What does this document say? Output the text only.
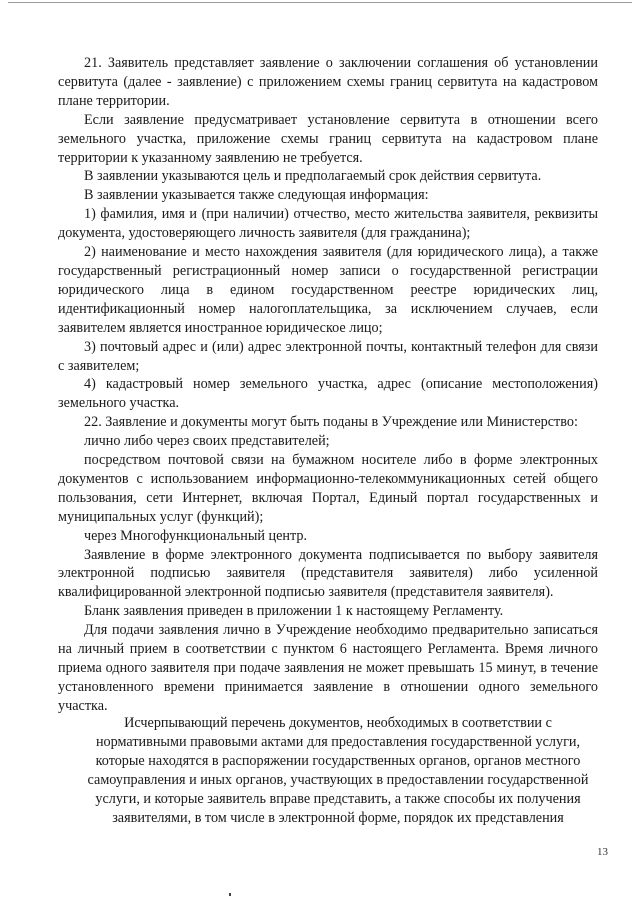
21. Заявитель представляет заявление о заключении соглашения об установлении сервитута (далее - заявление) с приложением схемы границ сервитута на кадастровом плане территории.

Если заявление предусматривает установление сервитута в отношении всего земельного участка, приложение схемы границ сервитута на кадастровом плане территории к указанному заявлению не требуется.

В заявлении указываются цель и предполагаемый срок действия сервитута.

В заявлении указывается также следующая информация:

1) фамилия, имя и (при наличии) отчество, место жительства заявителя, реквизиты документа, удостоверяющего личность заявителя (для гражданина);

2) наименование и место нахождения заявителя (для юридического лица), а также государственный регистрационный номер записи о государственной регистрации юридического лица в едином государственном реестре юридических лиц, идентификационный номер налогоплательщика, за исключением случаев, если заявителем является иностранное юридическое лицо;

3) почтовый адрес и (или) адрес электронной почты, контактный телефон для связи с заявителем;

4) кадастровый номер земельного участка, адрес (описание местоположения) земельного участка.

22. Заявление и документы могут быть поданы в Учреждение или Министерство:

лично либо через своих представителей;

посредством почтовой связи на бумажном носителе либо в форме электронных документов с использованием информационно-телекоммуникационных сетей общего пользования, сети Интернет, включая Портал, Единый портал государственных и муниципальных услуг (функций);

через Многофункциональный центр.

Заявление в форме электронного документа подписывается по выбору заявителя электронной подписью заявителя (представителя заявителя) либо усиленной квалифицированной электронной подписью заявителя (представителя заявителя).

Бланк заявления приведен в приложении 1 к настоящему Регламенту.

Для подачи заявления лично в Учреждение необходимо предварительно записаться на личный прием в соответствии с пунктом 6 настоящего Регламента. Время личного приема одного заявителя при подаче заявления не может превышать 15 минут, в течение установленного времени принимается заявление в отношении одного земельного участка.

Исчерпывающий перечень документов, необходимых в соответствии с
нормативными правовыми актами для предоставления государственной услуги,
которые находятся в распоряжении государственных органов, органов местного
самоуправления и иных органов, участвующих в предоставлении государственной
услуги, и которые заявитель вправе представить, а также способы их получения
заявителями, в том числе в электронной форме, порядок их представления
13
